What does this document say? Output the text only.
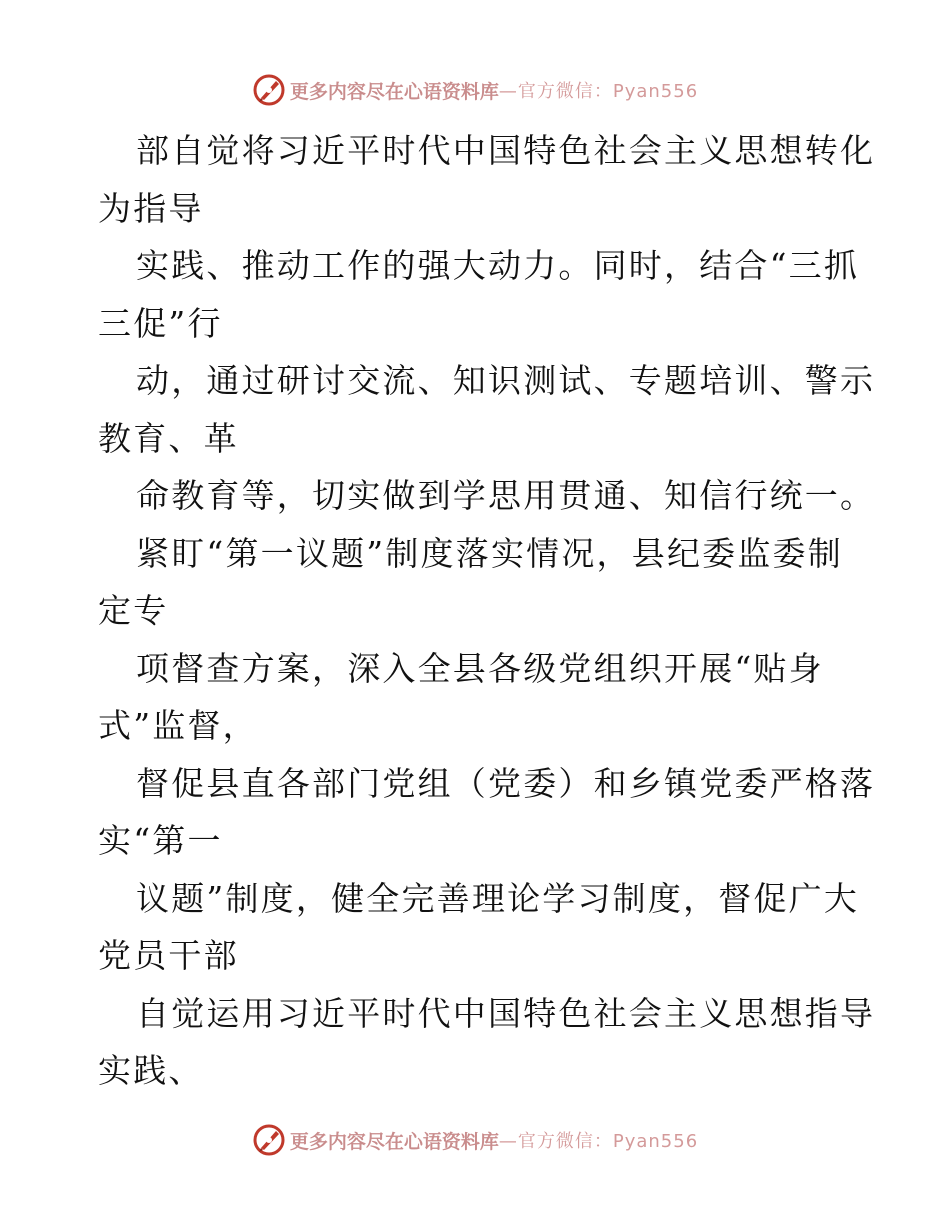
更多内容尽在心语资料库 —官方微信：Pyan556
部自觉将习近平时代中国特色社会主义思想转化
为指导
实践、推动工作的强大动力。同时，结合“三抓
三促”行
动，通过研讨交流、知识测试、专题培训、警示
教育、革
命教育等，切实做到学思用贯通、知信行统一。
紧盯“第一议题”制度落实情况，县纪委监委制
定专
项督查方案，深入全县各级党组织开展“贴身
式”监督，
督促县直各部门党组（党委）和乡镇党委严格落
实“第一
议题”制度，健全完善理论学习制度，督促广大
党员干部
自觉运用习近平时代中国特色社会主义思想指导
实践、
更多内容尽在心语资料库 —官方微信：Pyan556
